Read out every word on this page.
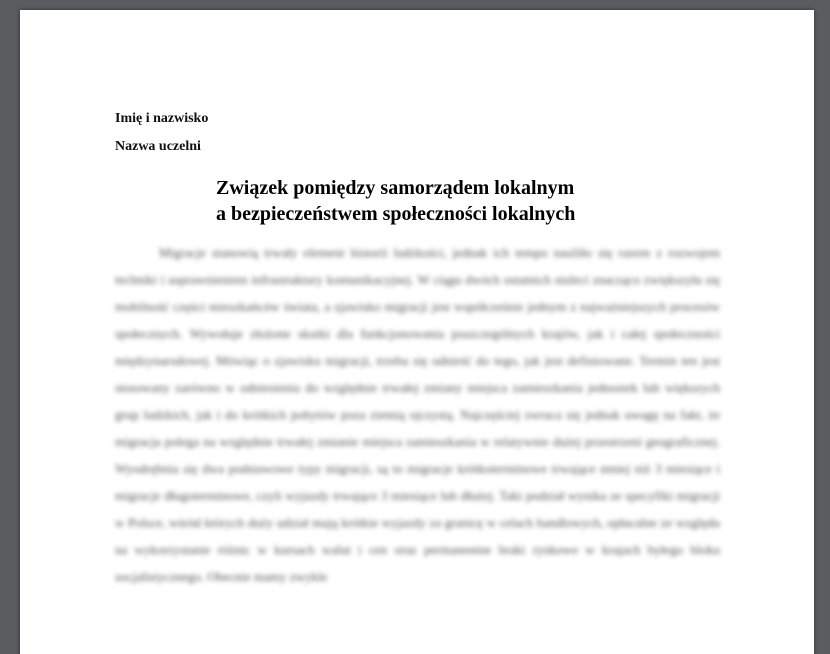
Imię i nazwisko

Nazwa uczelni

Związek pomiędzy samorządem lokalnym
a bezpieczeństwem społeczności lokalnych
Migracje stanowią trwały element historii ludzkości, jednak ich tempo nasiliło się razem z rozwojem techniki i usprawnieniem infrastruktury komunikacyjnej. W ciągu dwóch ostatnich stuleci znacząco zwiększyła się mobilność części mieszkańców świata, a zjawisko migracji jest współcześnie jednym z najważniejszych procesów społecznych. Wywołuje złożone skutki dla funkcjonowania poszczególnych krajów, jak i całej społeczności międzynarodowej. Mówiąc o zjawisku migracji, trzeba się odnieść do tego, jak jest definiowane. Termin ten jest stosowany zarówno w odniesieniu do względnie trwałej zmiany miejsca zamieszkania jednostek lub większych grup ludzkich, jak i do krótkich pobytów poza ziemią ojczystą. Najczęściej zwraca się jednak uwagę na fakt, że migracja polega na względnie trwałej zmianie miejsca zamieszkania w relatywnie dużej przestrzeni geograficznej. Wyodrębnia się dwa podstawowe typy migracji, są to migracje krótkoterminowe trwające mniej niż 3 miesiące i migracje długoterminowe, czyli wyjazdy trwające 3 miesiące lub dłużej. Taki podział wynika ze specyfiki migracji w Polsce, wśród których duży udział mają krótkie wyjazdy za granicę w celach handlowych, opłacalne ze względu na wykorzystanie różnic w kursach walut i cen oraz permanentne braki rynkowe w krajach byłego bloku socjalistycznego. Obecnie mamy zwykle
